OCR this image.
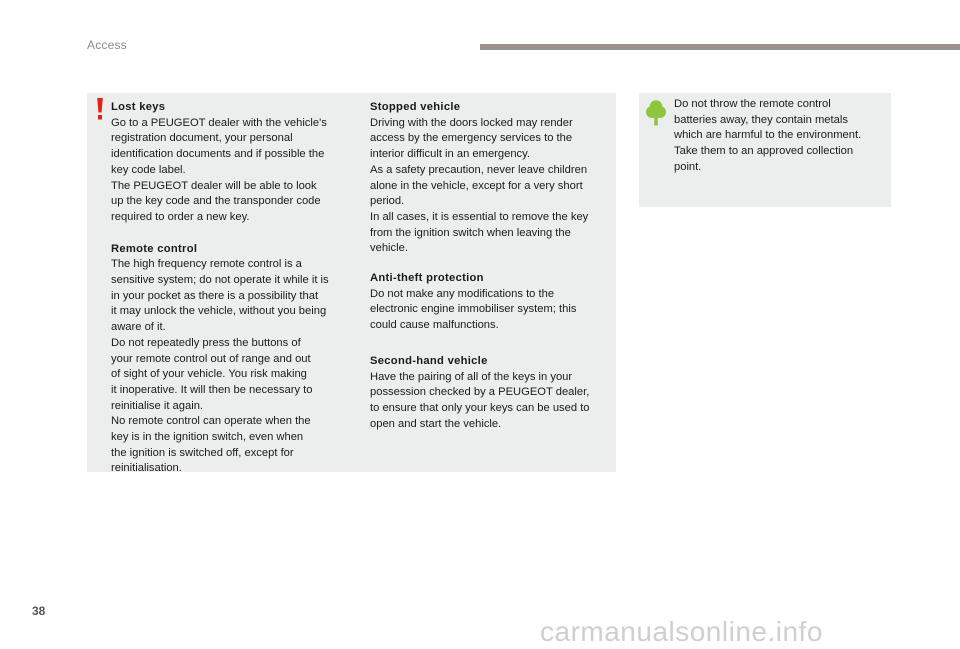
Access
Lost keys
Go to a PEUGEOT dealer with the vehicle's
registration document, your personal
identification documents and if possible the
key code label.
The PEUGEOT dealer will be able to look
up the key code and the transponder code
required to order a new key.
Remote control
The high frequency remote control is a
sensitive system; do not operate it while it is
in your pocket as there is a possibility that
it may unlock the vehicle, without you being
aware of it.
Do not repeatedly press the buttons of
your remote control out of range and out
of sight of your vehicle. You risk making
it inoperative. It will then be necessary to
reinitialise it again.
No remote control can operate when the
key is in the ignition switch, even when
the ignition is switched off, except for
reinitialisation.
Stopped vehicle
Driving with the doors locked may render
access by the emergency services to the
interior difficult in an emergency.
As a safety precaution, never leave children
alone in the vehicle, except for a very short
period.
In all cases, it is essential to remove the key
from the ignition switch when leaving the
vehicle.
Anti-theft protection
Do not make any modifications to the
electronic engine immobiliser system; this
could cause malfunctions.
Second-hand vehicle
Have the pairing of all of the keys in your
possession checked by a PEUGEOT dealer,
to ensure that only your keys can be used to
open and start the vehicle.
Do not throw the remote control
batteries away, they contain metals
which are harmful to the environment.
Take them to an approved collection
point.
38
carmanualsonline.info
